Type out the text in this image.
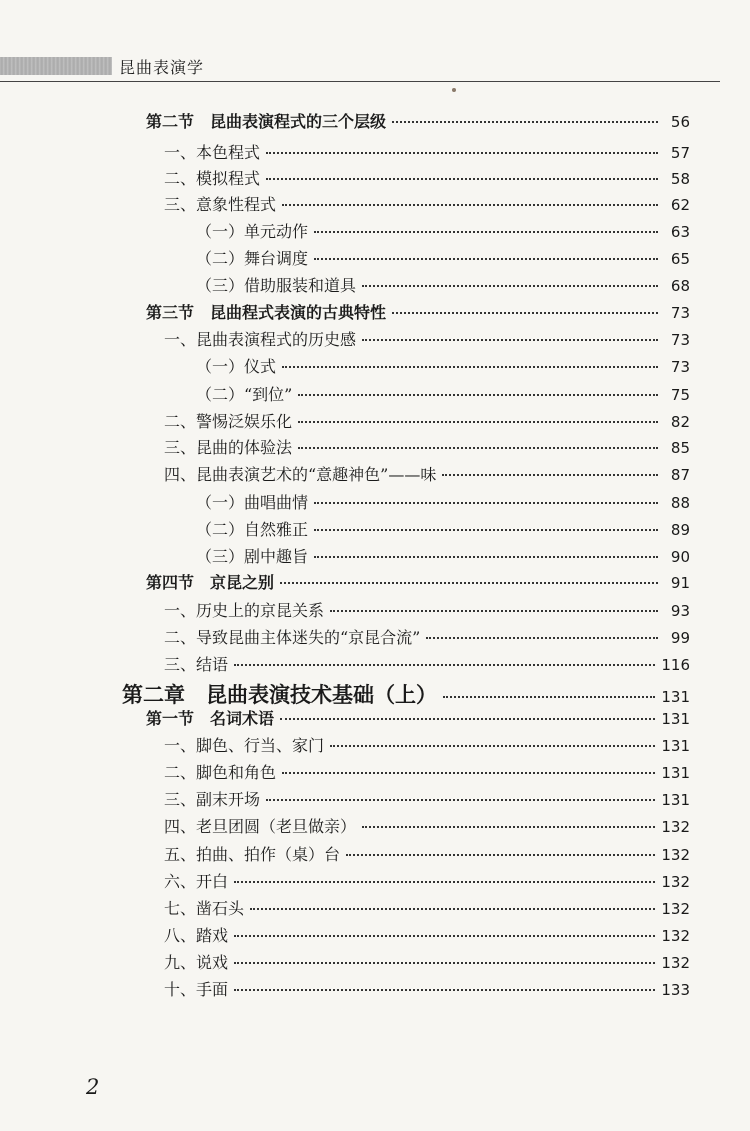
昆曲表演学
第二节　昆曲表演程式的三个层级	56
一、本色程式	57
二、模拟程式	58
三、意象性程式	62
（一）单元动作	63
（二）舞台调度	65
（三）借助服装和道具	68
第三节　昆曲程式表演的古典特性	73
一、昆曲表演程式的历史感	73
（一）仪式	73
（二）“到位”	75
二、警惕泛娱乐化	82
三、昆曲的体验法	85
四、昆曲表演艺术的“意趣神色”——味	87
（一）曲唱曲情	88
（二）自然雅正	89
（三）剧中趣旨	90
第四节　京昆之别	91
一、历史上的京昆关系	93
二、导致昆曲主体迷失的“京昆合流”	99
三、结语	116
第二章　昆曲表演技术基础（上）	131
第一节　名词术语	131
一、脚色、行当、家门	131
二、脚色和角色	131
三、副末开场	131
四、老旦团圆（老旦做亲）	132
五、拍曲、拍作（桌）台	132
六、开白	132
七、凿石头	132
八、踏戏	132
九、说戏	132
十、手面	133
2
